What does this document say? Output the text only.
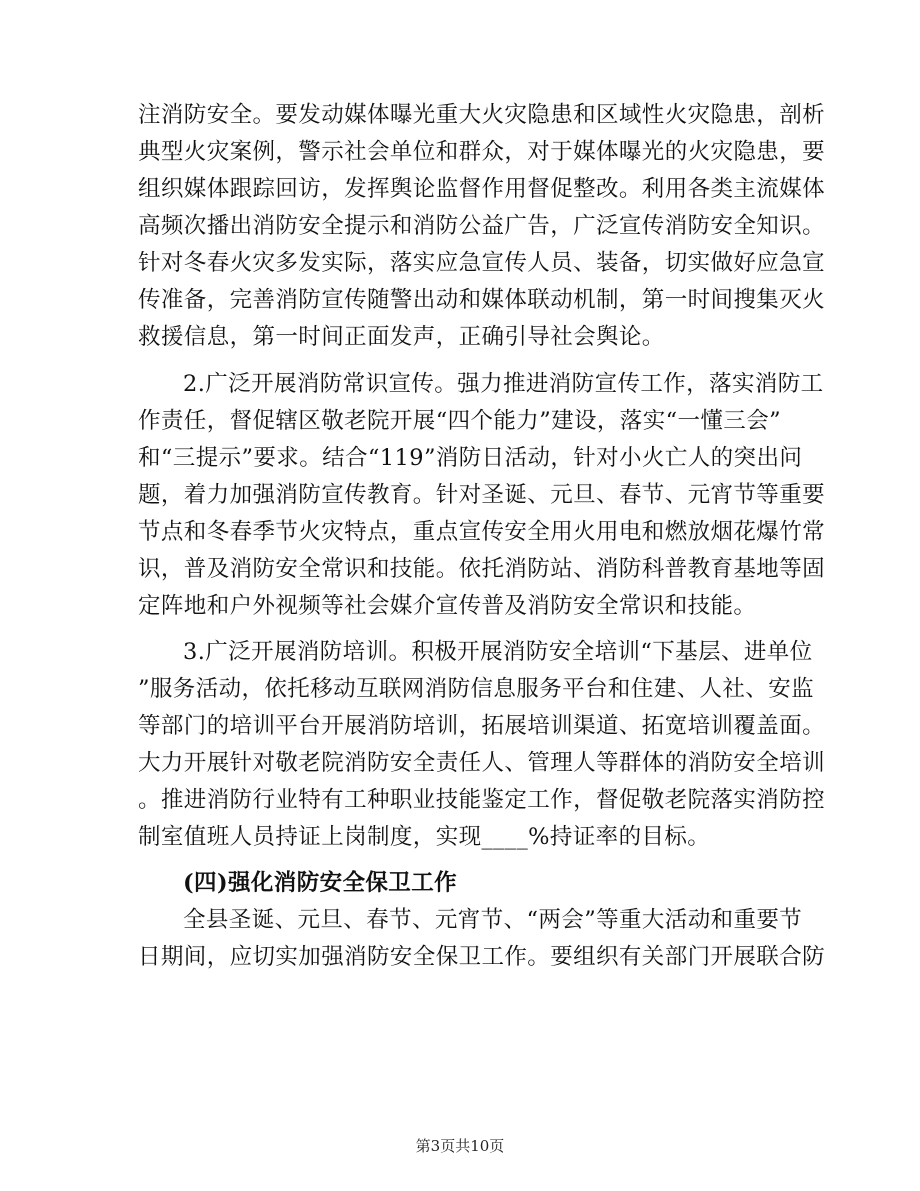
注消防安全。要发动媒体曝光重大火灾隐患和区域性火灾隐患，剖析
典型火灾案例，警示社会单位和群众，对于媒体曝光的火灾隐患，要
组织媒体跟踪回访，发挥舆论监督作用督促整改。利用各类主流媒体
高频次播出消防安全提示和消防公益广告，广泛宣传消防安全知识。
针对冬春火灾多发实际，落实应急宣传人员、装备，切实做好应急宣
传准备，完善消防宣传随警出动和媒体联动机制，第一时间搜集灭火
救援信息，第一时间正面发声，正确引导社会舆论。
2.广泛开展消防常识宣传。强力推进消防宣传工作，落实消防工
作责任，督促辖区敬老院开展“四个能力”建设，落实“一懂三会”
和“三提示”要求。结合“119”消防日活动，针对小火亡人的突出问
题，着力加强消防宣传教育。针对圣诞、元旦、春节、元宵节等重要
节点和冬春季节火灾特点，重点宣传安全用火用电和燃放烟花爆竹常
识，普及消防安全常识和技能。依托消防站、消防科普教育基地等固
定阵地和户外视频等社会媒介宣传普及消防安全常识和技能。
3.广泛开展消防培训。积极开展消防安全培训“下基层、进单位
”服务活动，依托移动互联网消防信息服务平台和住建、人社、安监
等部门的培训平台开展消防培训，拓展培训渠道、拓宽培训覆盖面。
大力开展针对敬老院消防安全责任人、管理人等群体的消防安全培训
。推进消防行业特有工种职业技能鉴定工作，督促敬老院落实消防控
制室值班人员持证上岗制度，实现____%持证率的目标。
(四)强化消防安全保卫工作
全县圣诞、元旦、春节、元宵节、“两会”等重大活动和重要节
日期间，应切实加强消防安全保卫工作。要组织有关部门开展联合防
第3页共10页
